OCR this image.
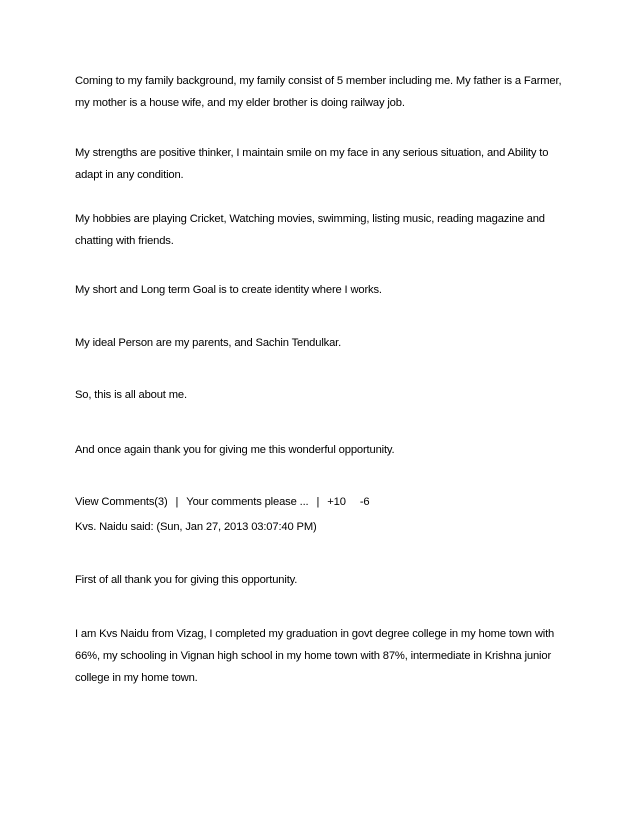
Coming to my family background, my family consist of 5 member including me. My father is a Farmer, my mother is a house wife, and my elder brother is doing railway job.

My strengths are positive thinker, I maintain smile on my face in any serious situation, and Ability to adapt in any condition.

My hobbies are playing Cricket, Watching movies, swimming, listing music, reading magazine and chatting with friends.

My short and Long term Goal is to create identity where I works.

My ideal Person are my parents, and Sachin Tendulkar.

So, this is all about me.

And once again thank you for giving me this wonderful opportunity.

View Comments(3) | Your comments please ... | +10 -6

Kvs. Naidu said: (Sun, Jan 27, 2013 03:07:40 PM)

First of all thank you for giving this opportunity.

I am Kvs Naidu from Vizag, I completed my graduation in govt degree college in my home town with 66%, my schooling in Vignan high school in my home town with 87%, intermediate in Krishna junior college in my home town.
